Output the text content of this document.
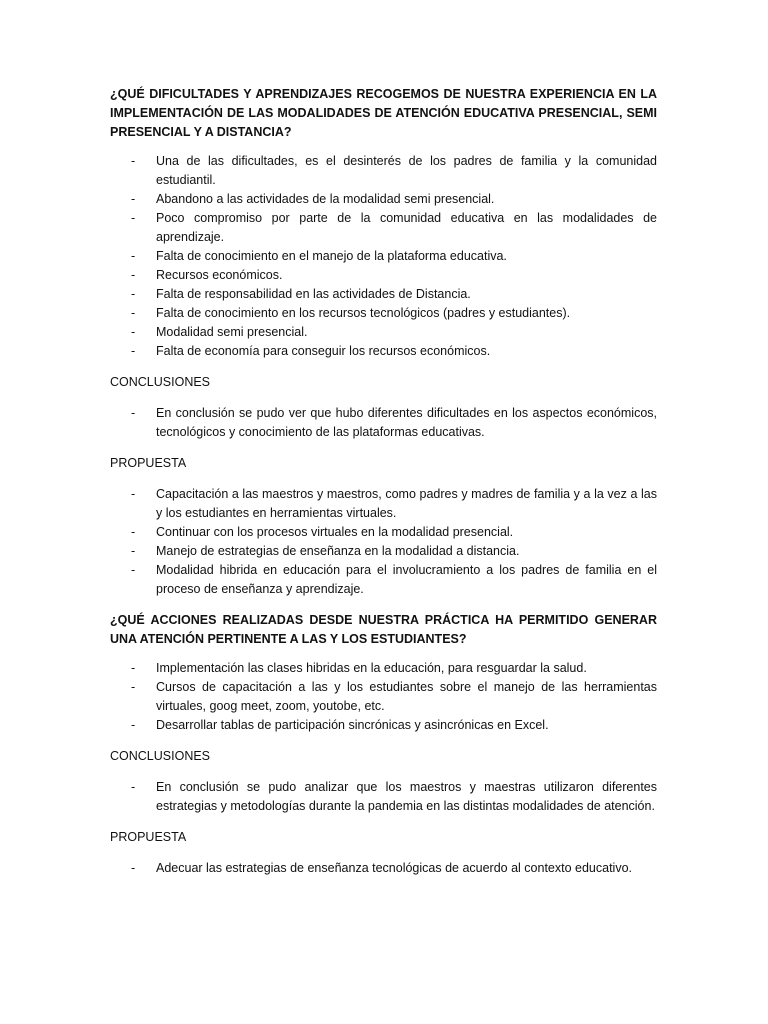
¿QUÉ DIFICULTADES Y APRENDIZAJES RECOGEMOS DE NUESTRA EXPERIENCIA EN LA IMPLEMENTACIÓN DE LAS MODALIDADES DE ATENCIÓN EDUCATIVA PRESENCIAL, SEMI PRESENCIAL Y A DISTANCIA?

- Una de las dificultades, es el desinterés de los padres de familia y la comunidad estudiantil.
- Abandono a las actividades de la modalidad semi presencial.
- Poco compromiso por parte de la comunidad educativa en las modalidades de aprendizaje.
- Falta de conocimiento en el manejo de la plataforma educativa.
- Recursos económicos.
- Falta de responsabilidad en las actividades de Distancia.
- Falta de conocimiento en los recursos tecnológicos (padres y estudiantes).
- Modalidad semi presencial.
- Falta de economía para conseguir los recursos económicos.

CONCLUSIONES

- En conclusión se pudo ver que hubo diferentes dificultades en los aspectos económicos, tecnológicos y conocimiento de las plataformas educativas.

PROPUESTA

- Capacitación a las maestros y maestros, como padres y madres de familia y a la vez a las y los estudiantes en herramientas virtuales.
- Continuar con los procesos virtuales en la modalidad presencial.
- Manejo de estrategias de enseñanza en la modalidad a distancia.
- Modalidad hibrida en educación para el involucramiento a los padres de familia en el proceso de enseñanza y aprendizaje.

¿QUÉ ACCIONES REALIZADAS DESDE NUESTRA PRÁCTICA HA PERMITIDO GENERAR UNA ATENCIÓN PERTINENTE A LAS Y LOS ESTUDIANTES?

- Implementación las clases hibridas en la educación, para resguardar la salud.
- Cursos de capacitación a las y los estudiantes sobre el manejo de las herramientas virtuales, goog meet, zoom, youtobe, etc.
- Desarrollar tablas de participación sincrónicas y asincrónicas en Excel.

CONCLUSIONES

- En conclusión se pudo analizar que los maestros y maestras utilizaron diferentes estrategias y metodologías durante la pandemia en las distintas modalidades de atención.

PROPUESTA

- Adecuar las estrategias de enseñanza tecnológicas de acuerdo al contexto educativo.
